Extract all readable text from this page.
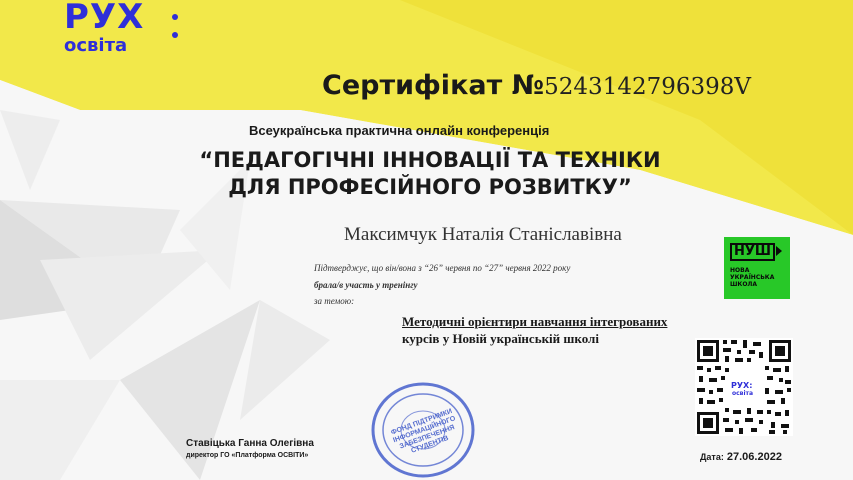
РУХ
освіта
Сертифікат №5243142796398V
Всеукраїнська практична онлайн конференція
“ПЕДАГОГІЧНІ ІННОВАЦІЇ ТА ТЕХНІКИ
ДЛЯ ПРОФЕСІЙНОГО РОЗВИТКУ”
Максимчук Наталія Станіславівна
Підтверджує, що він/вона з “26” червня по “27” червня 2022 року
брала/в участь у тренінгу
за темою:
Методичні орієнтири навчання інтегрованих
курсів у Новій українській школі
НУШ
НОВА
УКРАЇНСЬКА
ШКОЛА
РУХ:
освіта
ФОНД ПІДТРИМКИ ІНФОРМАЦІЙНОГО ЗАБЕЗПЕЧЕННЯ СТУДЕНТІВ
Ставіцька Ганна Олегівна
директор ГО «Платформа ОСВІТИ»	Дата: 27.06.2022
